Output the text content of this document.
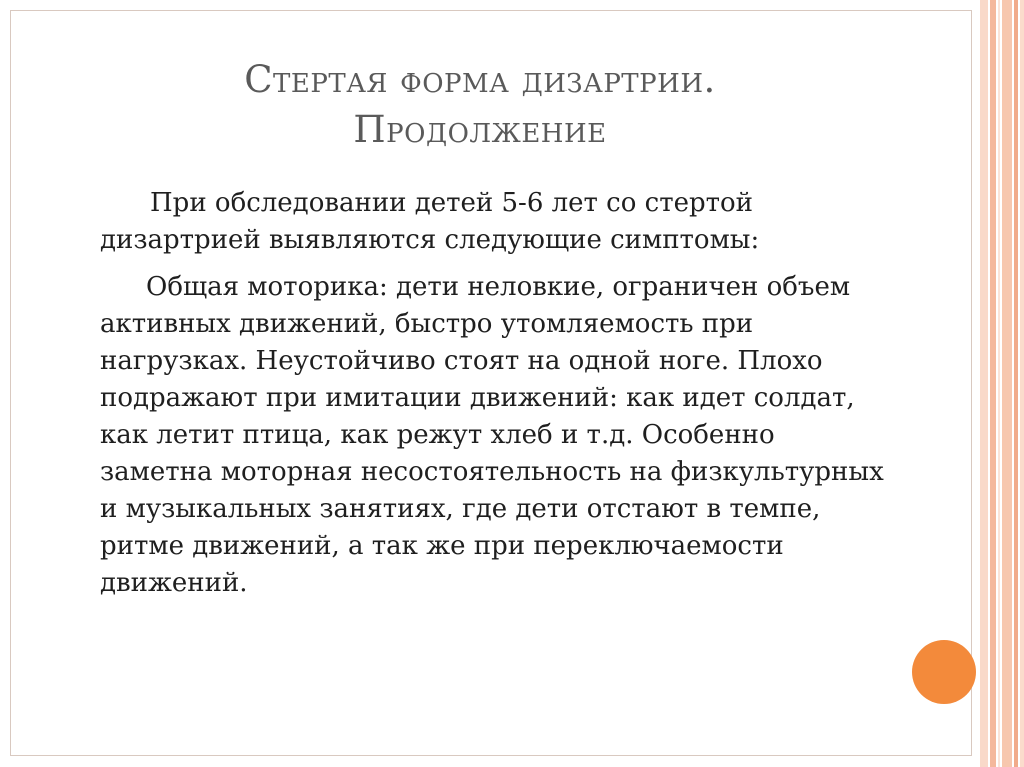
Стертая форма дизартрии.
Продолжение

При обследовании детей 5-6 лет со стертой дизартрией выявляются следующие симптомы:

Общая моторика: дети неловкие, ограничен объем активных движений, быстро утомляемость при нагрузках. Неустойчиво стоят на одной ноге. Плохо подражают при имитации движений: как идет солдат, как летит птица, как режут хлеб и т.д. Особенно заметна моторная несостоятельность на физкультурных и музыкальных занятиях, где дети отстают в темпе, ритме движений, а так же при переключаемости движений.
